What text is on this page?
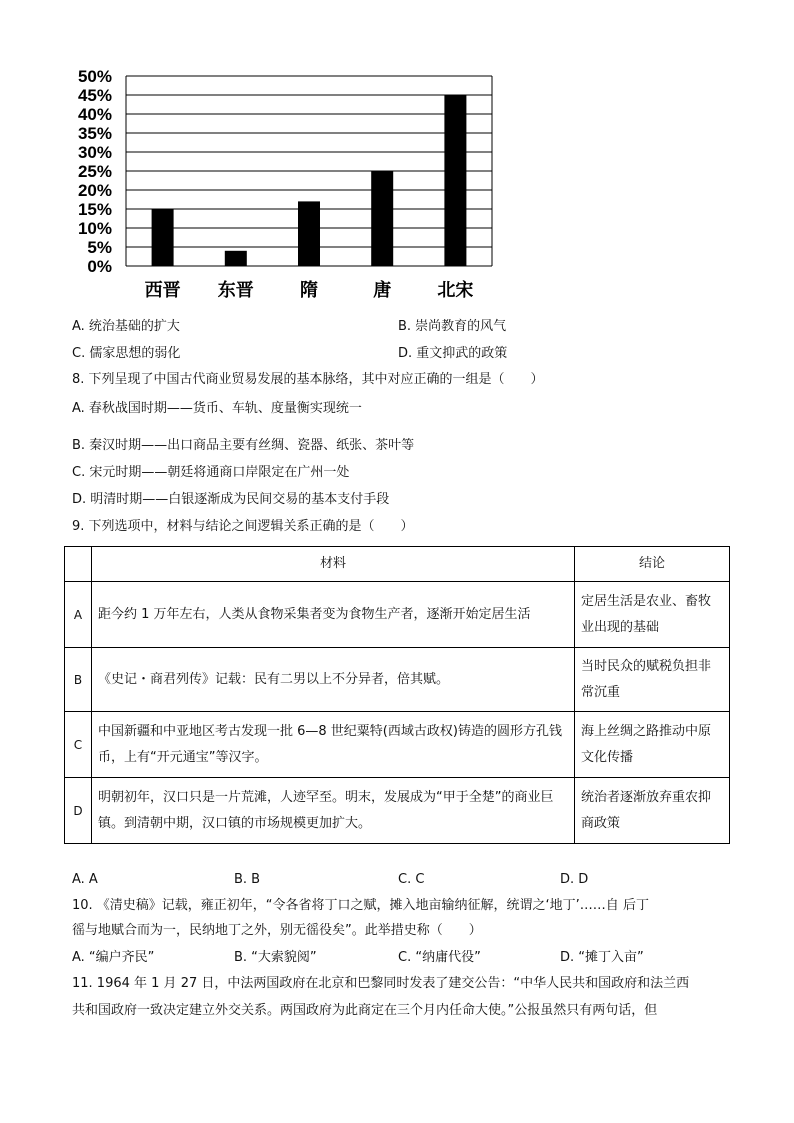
50%
45%
40%
35%
30%
25%
20%
15%
10%
5%
0%
西晋 东晋	隋	唐	北宋
A. 统治基础的扩大	B. 崇尚教育的风气
C. 儒家思想的弱化	D. 重文抑武的政策
8. 下列呈现了中国古代商业贸易发展的基本脉络，其中对应正确的一组是（　　）
A. 春秋战国时期——货币、车轨、度量衡实现统一
B. 秦汉时期——出口商品主要有丝绸、瓷器、纸张、茶叶等
C. 宋元时期——朝廷将通商口岸限定在广州一处
D. 明清时期——白银逐渐成为民间交易的基本支付手段
9. 下列选项中，材料与结论之间逻辑关系正确的是（　　）
	材料	结论
A	距今约 1 万年左右，人类从食物采集者变为食物生产者，逐渐开始定居生活	定居生活是农业、畜牧业出现的基础
B	《史记・商君列传》记载：民有二男以上不分异者，倍其赋。	当时民众的赋税负担非常沉重
C	中国新疆和中亚地区考古发现一批 6—8 世纪粟特(西域古政权)铸造的圆形方孔钱币，上有“开元通宝”等汉字。	海上丝绸之路推动中原文化传播
D	明朝初年，汉口只是一片荒滩，人迹罕至。明末，发展成为“甲于全楚”的商业巨镇。到清朝中期，汉口镇的市场规模更加扩大。	统治者逐渐放弃重农抑商政策
A. A	B. B	C. C	D. D
10. 《清史稿》记载，雍正初年，“令各省将丁口之赋，摊入地亩输纳征解，统谓之‘地丁’……自 后丁
徭与地赋合而为一，民纳地丁之外，别无徭役矣”。此举措史称（　　）
A. “编户齐民”	B. “大索貌阅”	C. “纳庸代役”	D. “摊丁入亩”
11. 1964 年 1 月 27 日，中法两国政府在北京和巴黎同时发表了建交公告：“中华人民共和国政府和法兰西
共和国政府一致决定建立外交关系。两国政府为此商定在三个月内任命大使。”公报虽然只有两句话，但
